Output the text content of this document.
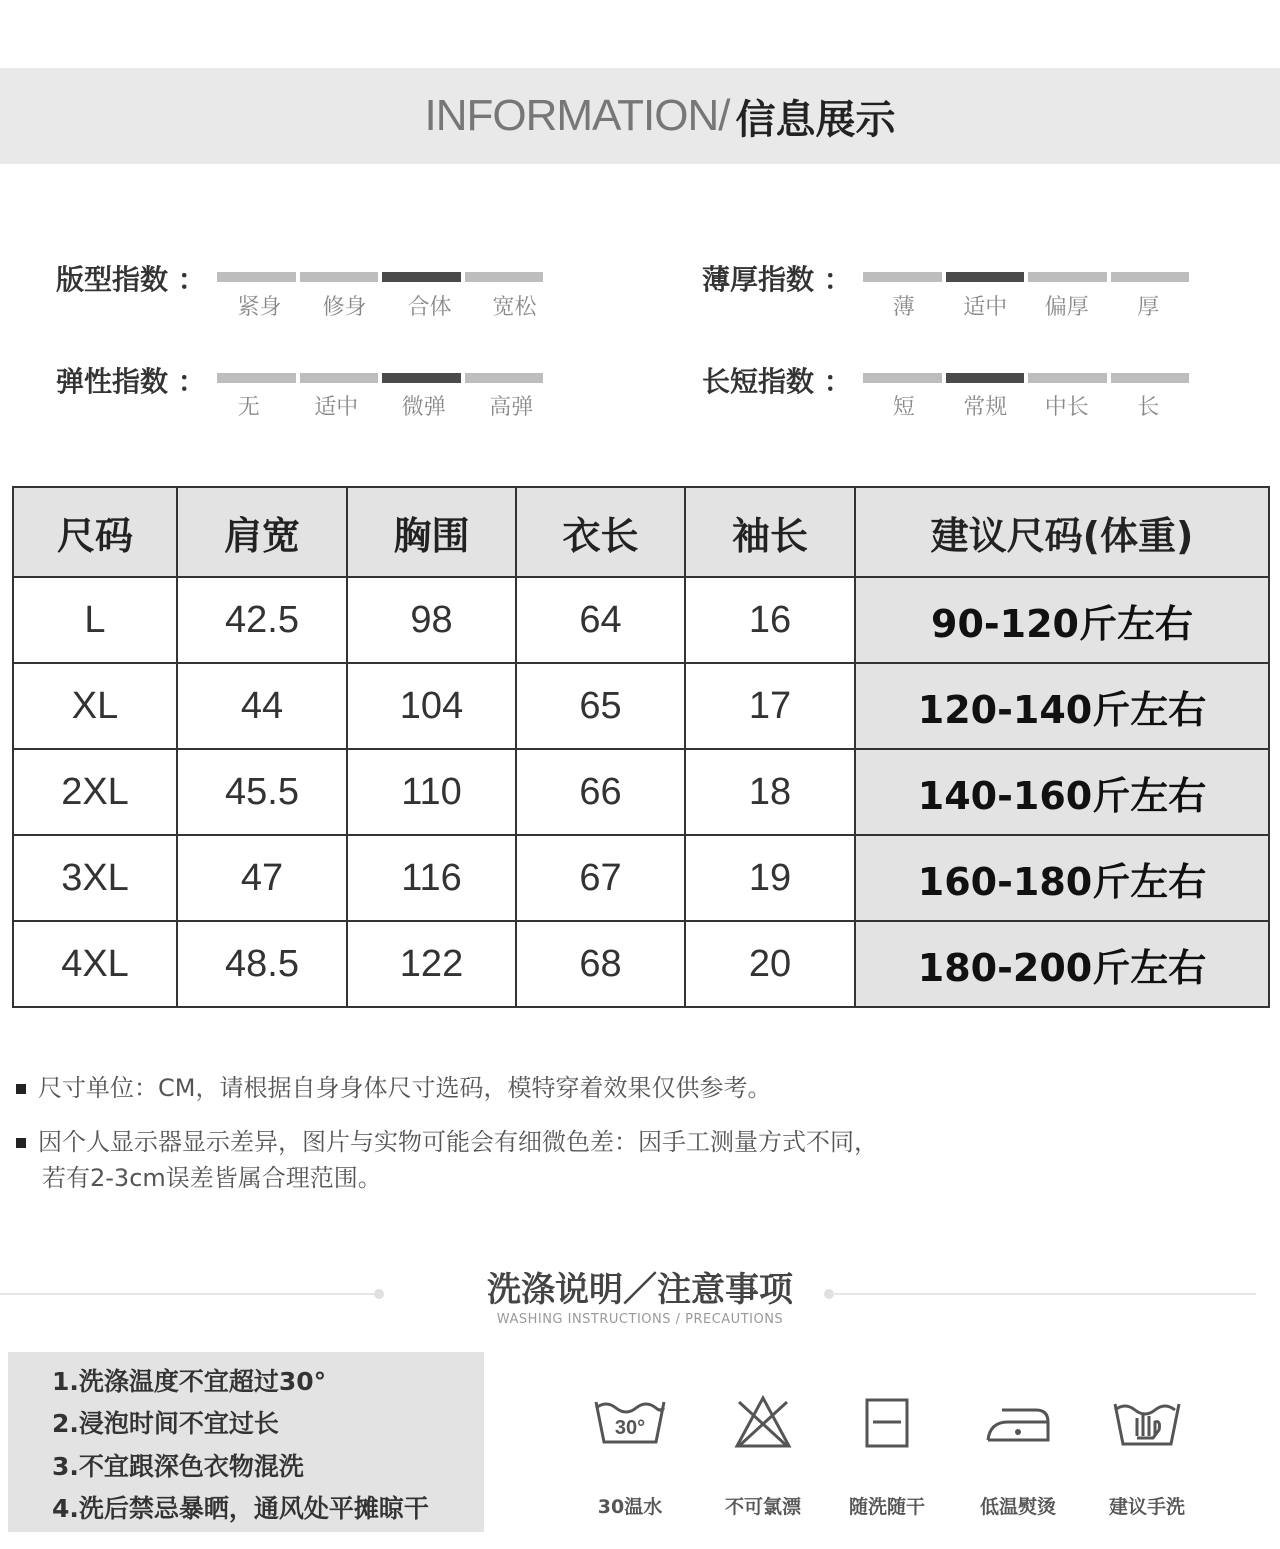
INFORMATION/ 信息展示
版型指数 ：
紧身	修身	合体	宽松
薄厚指数 ：
薄	适中	偏厚	厚
弹性指数 ：
无	适中	微弹	高弹
长短指数 ：
短	常规	中长	长
尺码	肩宽	胸围	衣长	袖长	建议尺码(体重)
L	42.5	98	64	16	90-120斤左右
XL	44	104	65	17	120-140斤左右
2XL	45.5	110	66	18	140-160斤左右
3XL	47	116	67	19	160-180斤左右
4XL	48.5	122	68	20	180-200斤左右
尺寸单位：CM，请根据自身身体尺寸选码，模特穿着效果仅供参考。
因个人显示器显示差异，图片与实物可能会有细微色差：因手工测量方式不同，
若有2-3cm误差皆属合理范围。
洗涤说明／注意事项
WASHING INSTRUCTIONS / PRECAUTIONS
1.洗涤温度不宜超过30°
2.浸泡时间不宜过长
3.不宜跟深色衣物混洗
4.洗后禁忌暴晒，通风处平摊晾干
30°
30温水	不可氯漂	随洗随干	低温熨烫	建议手洗
